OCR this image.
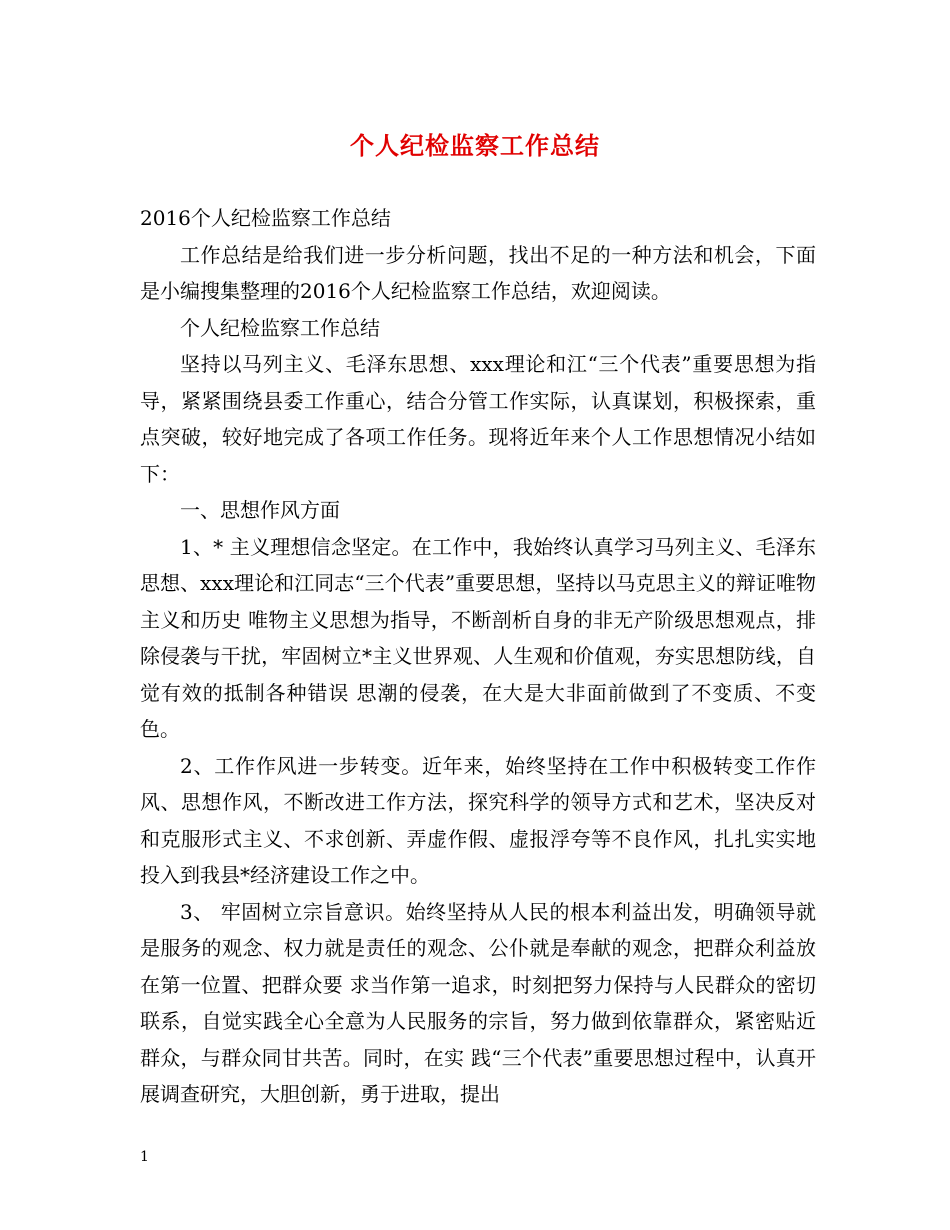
个人纪检监察工作总结

2016个人纪检监察工作总结

工作总结是给我们进一步分析问题，找出不足的一种方法和机会，下面是小编搜集整理的2016个人纪检监察工作总结，欢迎阅读。

个人纪检监察工作总结

坚持以马列主义、毛泽东思想、xxx理论和江“三个代表”重要思想为指导，紧紧围绕县委工作重心，结合分管工作实际，认真谋划，积极探索，重点突破，较好地完成了各项工作任务。现将近年来个人工作思想情况小结如下：

一、思想作风方面

1、* 主义理想信念坚定。在工作中，我始终认真学习马列主义、毛泽东思想、xxx理论和江同志“三个代表”重要思想，坚持以马克思主义的辩证唯物主义和历史 唯物主义思想为指导，不断剖析自身的非无产阶级思想观点，排除侵袭与干扰，牢固树立*主义世界观、人生观和价值观，夯实思想防线，自觉有效的抵制各种错误 思潮的侵袭，在大是大非面前做到了不变质、不变色。

2、工作作风进一步转变。近年来，始终坚持在工作中积极转变工作作风、思想作风，不断改进工作方法，探究科学的领导方式和艺术，坚决反对和克服形式主义、不求创新、弄虚作假、虚报浮夸等不良作风，扎扎实实地投入到我县*经济建设工作之中。

3、 牢固树立宗旨意识。始终坚持从人民的根本利益出发，明确领导就是服务的观念、权力就是责任的观念、公仆就是奉献的观念，把群众利益放在第一位置、把群众要 求当作第一追求，时刻把努力保持与人民群众的密切联系，自觉实践全心全意为人民服务的宗旨，努力做到依靠群众，紧密贴近群众，与群众同甘共苦。同时，在实 践“三个代表”重要思想过程中，认真开展调查研究，大胆创新，勇于进取，提出

1
